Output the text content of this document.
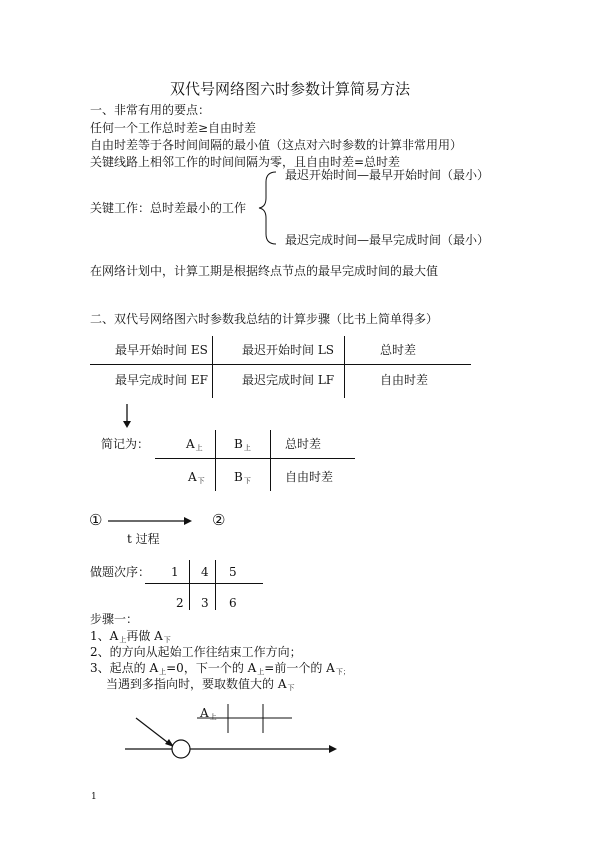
双代号网络图六时参数计算简易方法
一、非常有用的要点：
任何一个工作总时差≥自由时差
自由时差等于各时间间隔的最小值（这点对六时参数的计算非常用用）
关键线路上相邻工作的时间间隔为零，且自由时差=总时差
最迟开始时间—最早开始时间（最小）
关键工作：总时差最小的工作
最迟完成时间—最早完成时间（最小）
在网络计划中，计算工期是根据终点节点的最早完成时间的最大值
二、双代号网络图六时参数我总结的计算步骤（比书上简单得多）
最早开始时间 ES	最迟开始时间 LS	总时差
最早完成时间 EF	最迟完成时间 LF	自由时差
简记为：	$A_上$	$B_上$	总时差
$A_下$ $B_下$	自由时差
①	②
t 过程
做题次序： 1 4 5
2 3 6
步骤一：
1、$A_上$再做 $A_下$
2、的方向从起始工作往结束工作方向；
3、起点的 $A_上=0$，下一个的 $A_上=$前一个的 $A_{下;}$
当遇到多指向时，要取数值大的 $A_下$
$A_上$
1
